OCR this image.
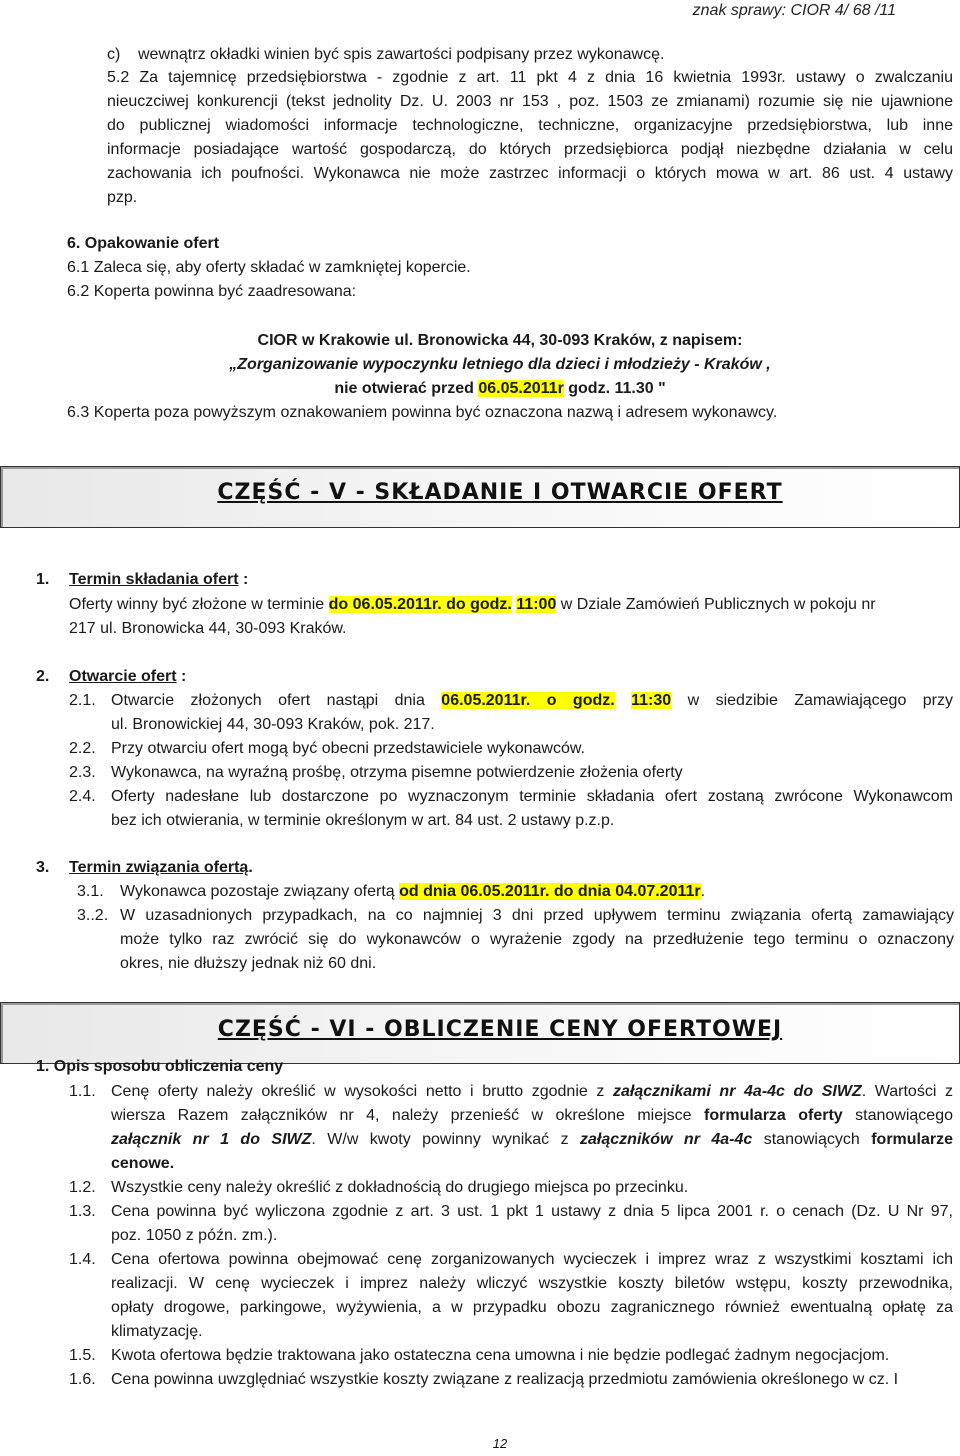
znak sprawy: CIOR 4/ 68 /11
c) wewnątrz okładki winien być spis zawartości podpisany przez wykonawcę.
5.2 Za tajemnicę przedsiębiorstwa - zgodnie z art. 11 pkt 4 z dnia 16 kwietnia 1993r. ustawy o zwalczaniu
nieuczciwej konkurencji (tekst jednolity Dz. U. 2003 nr 153 , poz. 1503 ze zmianami) rozumie się nie ujawnione
do publicznej wiadomości informacje technologiczne, techniczne, organizacyjne przedsiębiorstwa, lub inne
informacje posiadające wartość gospodarczą, do których przedsiębiorca podjął niezbędne działania w celu
zachowania ich poufności. Wykonawca nie może zastrzec informacji o których mowa w art. 86 ust. 4 ustawy
pzp.
6. Opakowanie ofert
6.1 Zaleca się, aby oferty składać w zamkniętej kopercie.
6.2 Koperta powinna być zaadresowana:
CIOR w Krakowie ul. Bronowicka 44, 30-093 Kraków, z napisem:
„Zorganizowanie wypoczynku letniego dla dzieci i młodzieży - Kraków ,
nie otwierać przed 06.05.2011r godz. 11.30 "
6.3 Koperta poza powyższym oznakowaniem powinna być oznaczona nazwą i adresem wykonawcy.
CZĘŚĆ - V - SKŁADANIE I OTWARCIE OFERT
1. Termin składania ofert :
Oferty winny być złożone w terminie do 06.05.2011r. do godz. 11:00 w Dziale Zamówień Publicznych w pokoju nr
217 ul. Bronowicka 44, 30-093 Kraków.
2. Otwarcie ofert :
2.1. Otwarcie złożonych ofert nastąpi dnia 06.05.2011r. o godz. 11:30 w siedzibie Zamawiającego przy
ul. Bronowickiej 44, 30-093 Kraków, pok. 217.
2.2. Przy otwarciu ofert mogą być obecni przedstawiciele wykonawców.
2.3. Wykonawca, na wyraźną prośbę, otrzyma pisemne potwierdzenie złożenia oferty
2.4. Oferty nadesłane lub dostarczone po wyznaczonym terminie składania ofert zostaną zwrócone Wykonawcom
bez ich otwierania, w terminie określonym w art. 84 ust. 2 ustawy p.z.p.
3. Termin związania ofertą.
3.1. Wykonawca pozostaje związany ofertą od dnia 06.05.2011r. do dnia 04.07.2011r.
3..2. W uzasadnionych przypadkach, na co najmniej 3 dni przed upływem terminu związania ofertą zamawiający
może tylko raz zwrócić się do wykonawców o wyrażenie zgody na przedłużenie tego terminu o oznaczony
okres, nie dłuższy jednak niż 60 dni.
CZĘŚĆ - VI - OBLICZENIE CENY OFERTOWEJ
1. Opis sposobu obliczenia ceny
1.1. Cenę oferty należy określić w wysokości netto i brutto zgodnie z załącznikami nr 4a-4c do SIWZ. Wartości z
wiersza Razem załączników nr 4, należy przenieść w określone miejsce formularza oferty stanowiącego
załącznik nr 1 do SIWZ. W/w kwoty powinny wynikać z załączników nr 4a-4c stanowiących formularze
cenowe.
1.2. Wszystkie ceny należy określić z dokładnością do drugiego miejsca po przecinku.
1.3. Cena powinna być wyliczona zgodnie z art. 3 ust. 1 pkt 1 ustawy z dnia 5 lipca 2001 r. o cenach (Dz. U Nr 97,
poz. 1050 z późn. zm.).
1.4. Cena ofertowa powinna obejmować cenę zorganizowanych wycieczek i imprez wraz z wszystkimi kosztami ich
realizacji. W cenę wycieczek i imprez należy wliczyć wszystkie koszty biletów wstępu, koszty przewodnika,
opłaty drogowe, parkingowe, wyżywienia, a w przypadku obozu zagranicznego również ewentualną opłatę za
klimatyzację.
1.5. Kwota ofertowa będzie traktowana jako ostateczna cena umowna i nie będzie podlegać żadnym negocjacjom.
1.6. Cena powinna uwzględniać wszystkie koszty związane z realizacją przedmiotu zamówienia określonego w cz. I
12
